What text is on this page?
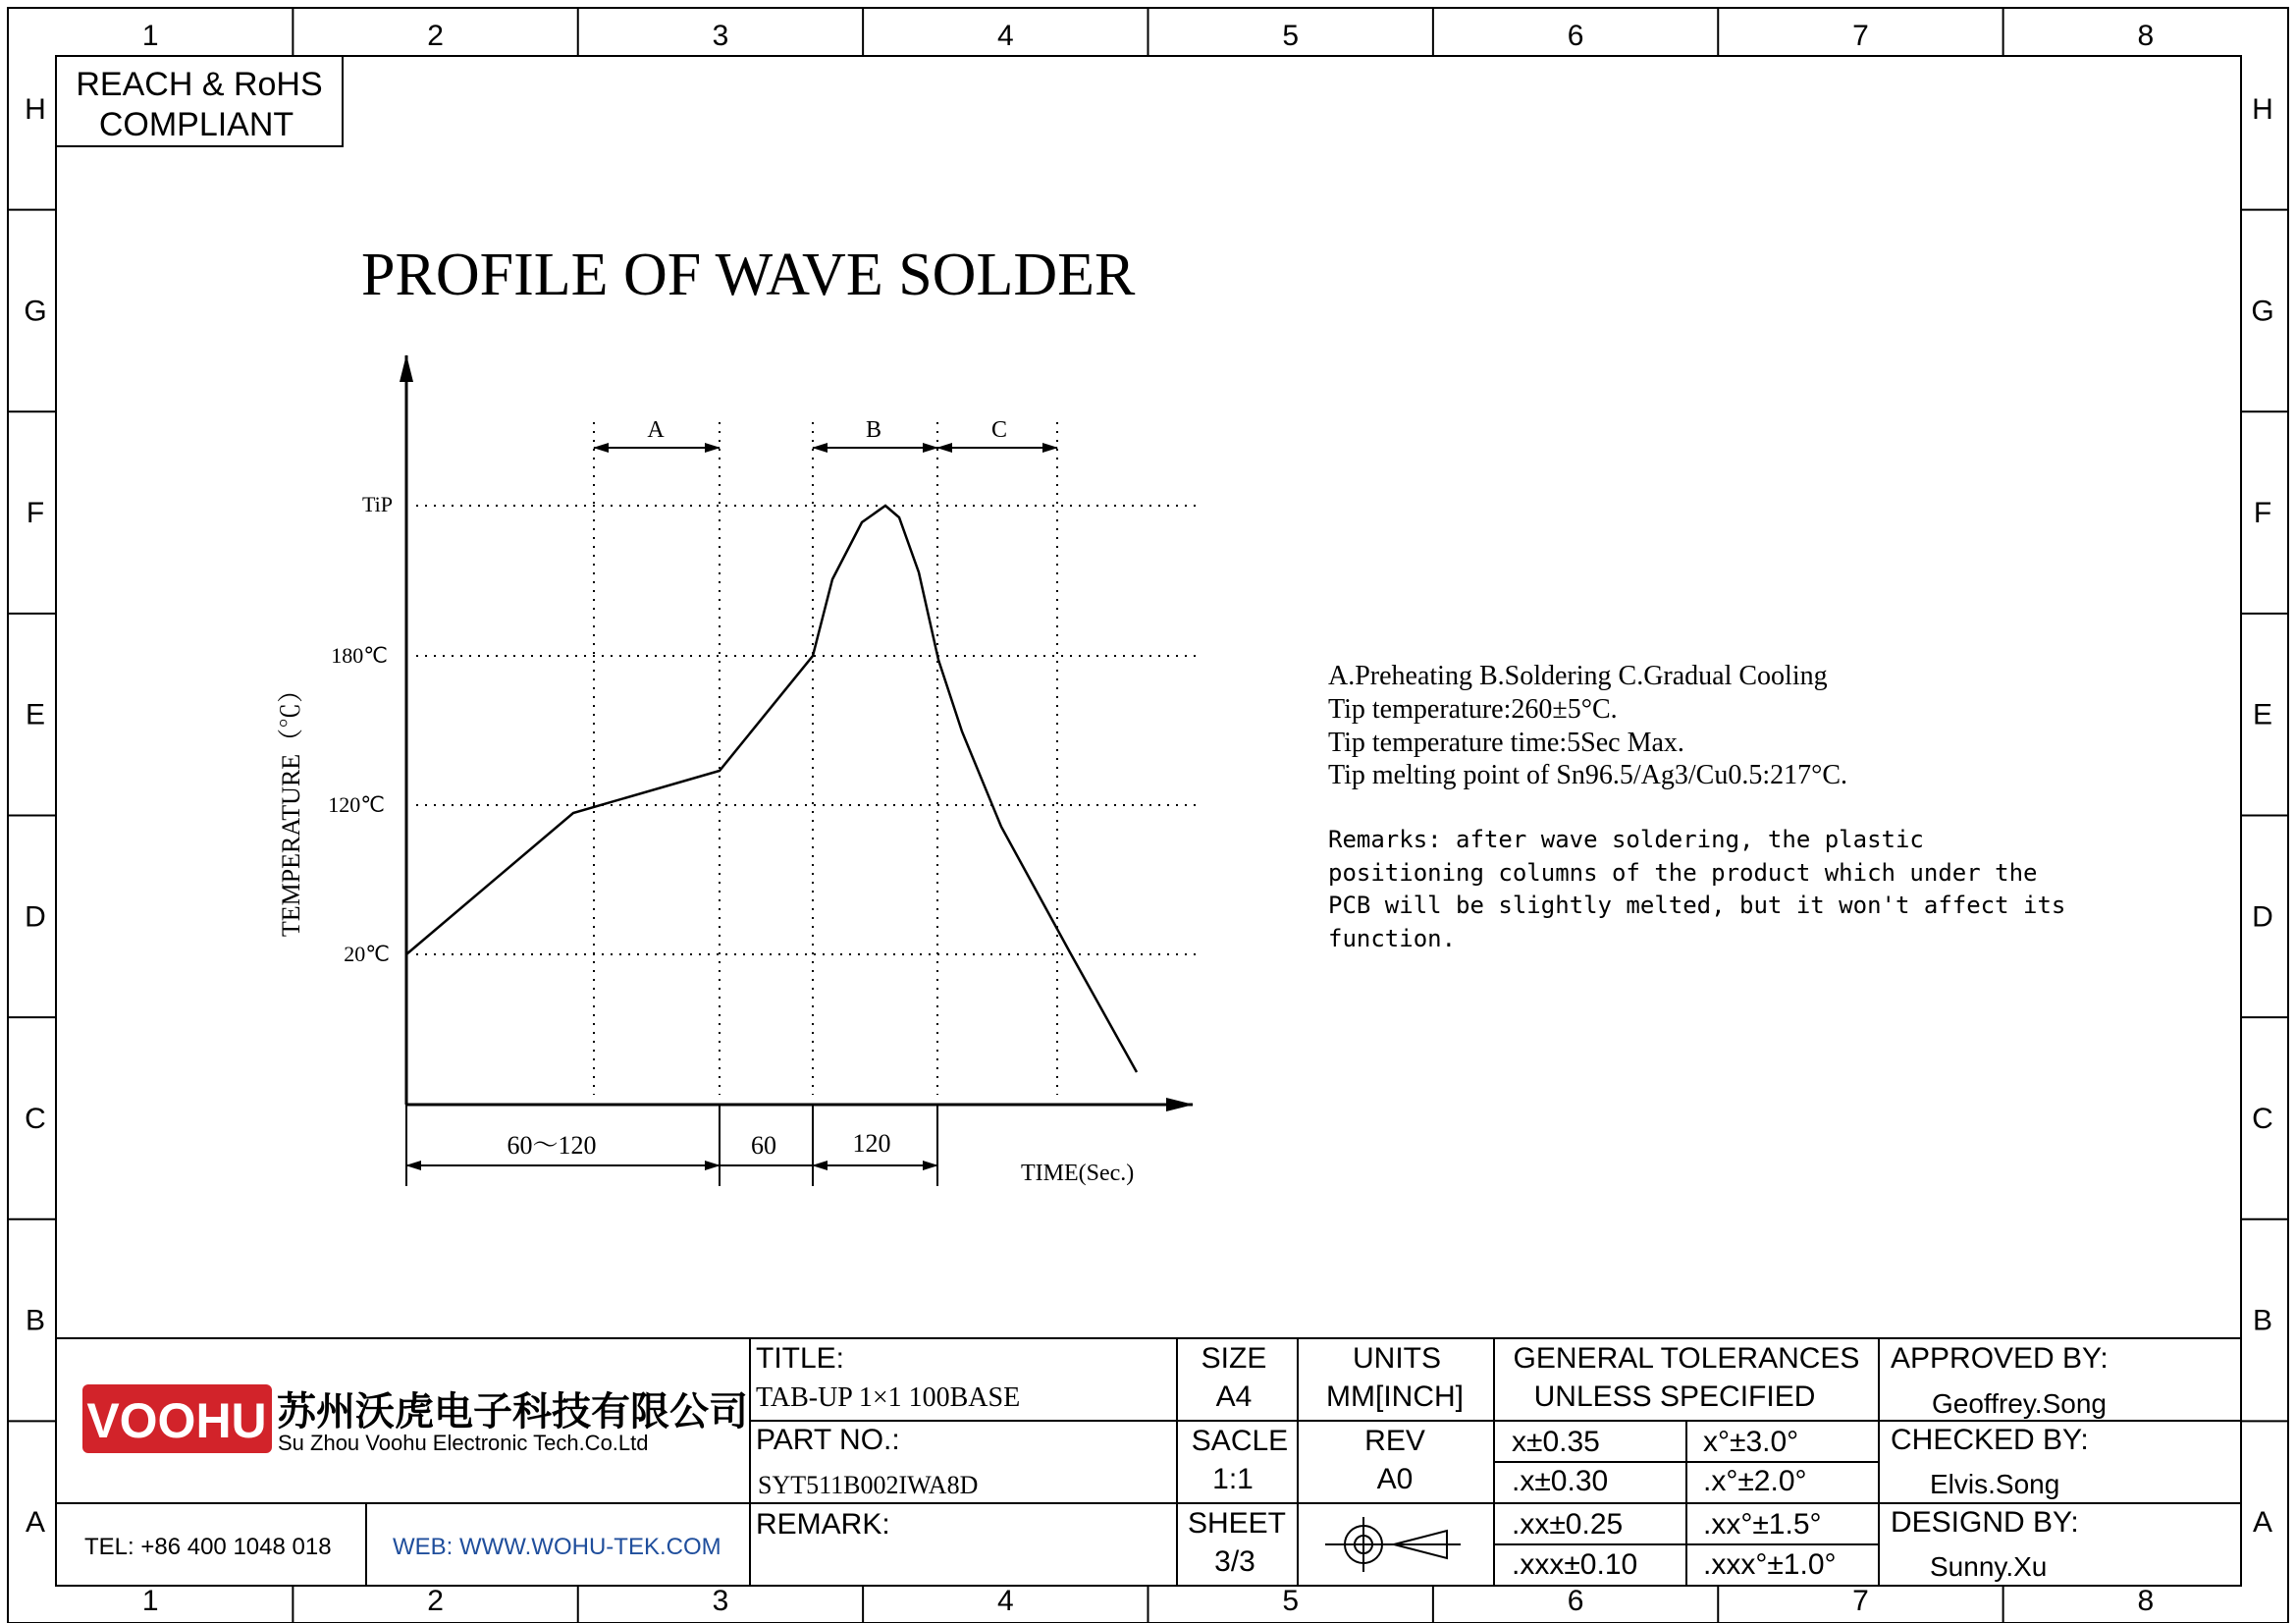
1
1
2
2
3
3
4
4
5
5
6
6
7
7
8
8
H	H
G	G
F	F
E	E
D	D
C	C
B	B
A	A
REACH & RoHS
COMPLIANT
PROFILE OF WAVE SOLDER
TEMPERATURE（℃）
TiP
180℃
120℃
20℃
A	B	C
60～120	60	120
TIME(Sec.)
A.Preheating B.Soldering C.Gradual Cooling
Tip temperature:260±5°C.
Tip temperature time:5Sec Max.
Tip melting point of Sn96.5/Ag3/Cu0.5:217°C.
Remarks: after wave soldering, the plastic
positioning columns of the product which under the
PCB will be slightly melted, but it won't affect its
function.
VOOHU 苏州沃虎电子科技有限公司
Su Zhou Voohu Electronic Tech.Co.Ltd
TEL: +86 400 1048 018	WEB: WWW.WOHU-TEK.COM
TITLE:
TAB-UP 1×1 100BASE
PART NO.:
SYT511B002IWA8D
REMARK:
SIZE
A4
UNITS
MM[INCH]
SACLE
1:1
REV
A0
SHEET
3/3
GENERAL TOLERANCES
UNLESS SPECIFIED
x±0.35	x°±3.0°
.x±0.30	.x°±2.0°
.xx±0.25	.xx°±1.5°
.xxx±0.10 .xxx°±1.0°
APPROVED BY:
Geoffrey.Song
CHECKED BY:
Elvis.Song
DESIGND BY:
Sunny.Xu
